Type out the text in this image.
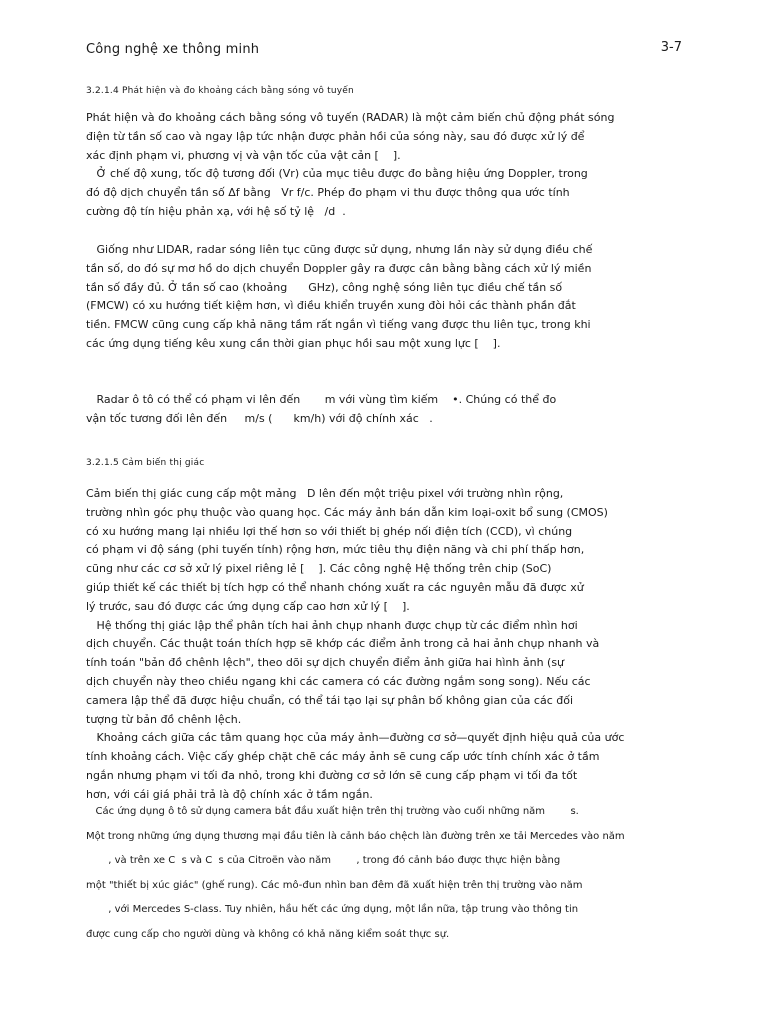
Công nghệ xe thông minh	3-7
3.2.1.4 Phát hiện và đo khoảng cách bằng sóng vô tuyến
Phát hiện và đo khoảng cách bằng sóng vô tuyến (RADAR) là một cảm biến chủ động phát sóng
điện từ tần số cao và ngay lập tức nhận được phản hồi của sóng này, sau đó được xử lý để
xác định phạm vi, phương vị và vận tốc của vật cản [    ].
Ở chế độ xung, tốc độ tương đối (Vr) của mục tiêu được đo bằng hiệu ứng Doppler, trong
đó độ dịch chuyển tần số Δf bằng   Vr f/c. Phép đo phạm vi thu được thông qua ước tính
cường độ tín hiệu phản xạ, với hệ số tỷ lệ   /d  .
Giống như LIDAR, radar sóng liên tục cũng được sử dụng, nhưng lần này sử dụng điều chế
tần số, do đó sự mơ hồ do dịch chuyển Doppler gây ra được cân bằng bằng cách xử lý miền
tần số đầy đủ. Ở tần số cao (khoảng      GHz), công nghệ sóng liên tục điều chế tần số
(FMCW) có xu hướng tiết kiệm hơn, vì điều khiển truyền xung đòi hỏi các thành phần đắt
tiền. FMCW cũng cung cấp khả năng tầm rất ngắn vì tiếng vang được thu liên tục, trong khi
các ứng dụng tiếng kêu xung cần thời gian phục hồi sau một xung lực [    ].
Radar ô tô có thể có phạm vi lên đến       m với vùng tìm kiếm    •. Chúng có thể đo
vận tốc tương đối lên đến     m/s (      km/h) với độ chính xác   .
3.2.1.5 Cảm biến thị giác
Cảm biến thị giác cung cấp một mảng   D lên đến một triệu pixel với trường nhìn rộng,
trường nhìn góc phụ thuộc vào quang học. Các máy ảnh bán dẫn kim loại-oxit bổ sung (CMOS)
có xu hướng mang lại nhiều lợi thế hơn so với thiết bị ghép nối điện tích (CCD), vì chúng
có phạm vi độ sáng (phi tuyến tính) rộng hơn, mức tiêu thụ điện năng và chi phí thấp hơn,
cũng như các cơ sở xử lý pixel riêng lẻ [    ]. Các công nghệ Hệ thống trên chip (SoC)
giúp thiết kế các thiết bị tích hợp có thể nhanh chóng xuất ra các nguyên mẫu đã được xử
lý trước, sau đó được các ứng dụng cấp cao hơn xử lý [    ].
Hệ thống thị giác lập thể phân tích hai ảnh chụp nhanh được chụp từ các điểm nhìn hơi
dịch chuyển. Các thuật toán thích hợp sẽ khớp các điểm ảnh trong cả hai ảnh chụp nhanh và
tính toán "bản đồ chênh lệch", theo dõi sự dịch chuyển điểm ảnh giữa hai hình ảnh (sự
dịch chuyển này theo chiều ngang khi các camera có các đường ngắm song song). Nếu các
camera lập thể đã được hiệu chuẩn, có thể tái tạo lại sự phân bố không gian của các đối
tượng từ bản đồ chênh lệch.
Khoảng cách giữa các tâm quang học của máy ảnh—đường cơ sở—quyết định hiệu quả của ước
tính khoảng cách. Việc cấy ghép chặt chẽ các máy ảnh sẽ cung cấp ước tính chính xác ở tầm
ngắn nhưng phạm vi tối đa nhỏ, trong khi đường cơ sở lớn sẽ cung cấp phạm vi tối đa tốt
hơn, với cái giá phải trả là độ chính xác ở tầm ngắn.
Các ứng dụng ô tô sử dụng camera bắt đầu xuất hiện trên thị trường vào cuối những năm        s.
Một trong những ứng dụng thương mại đầu tiên là cảnh báo chệch làn đường trên xe tải Mercedes vào năm
, và trên xe C  s và C  s của Citroën vào năm        , trong đó cảnh báo được thực hiện bằng
một "thiết bị xúc giác" (ghế rung). Các mô-đun nhìn ban đêm đã xuất hiện trên thị trường vào năm
, với Mercedes S-class. Tuy nhiên, hầu hết các ứng dụng, một lần nữa, tập trung vào thông tin
được cung cấp cho người dùng và không có khả năng kiểm soát thực sự.
